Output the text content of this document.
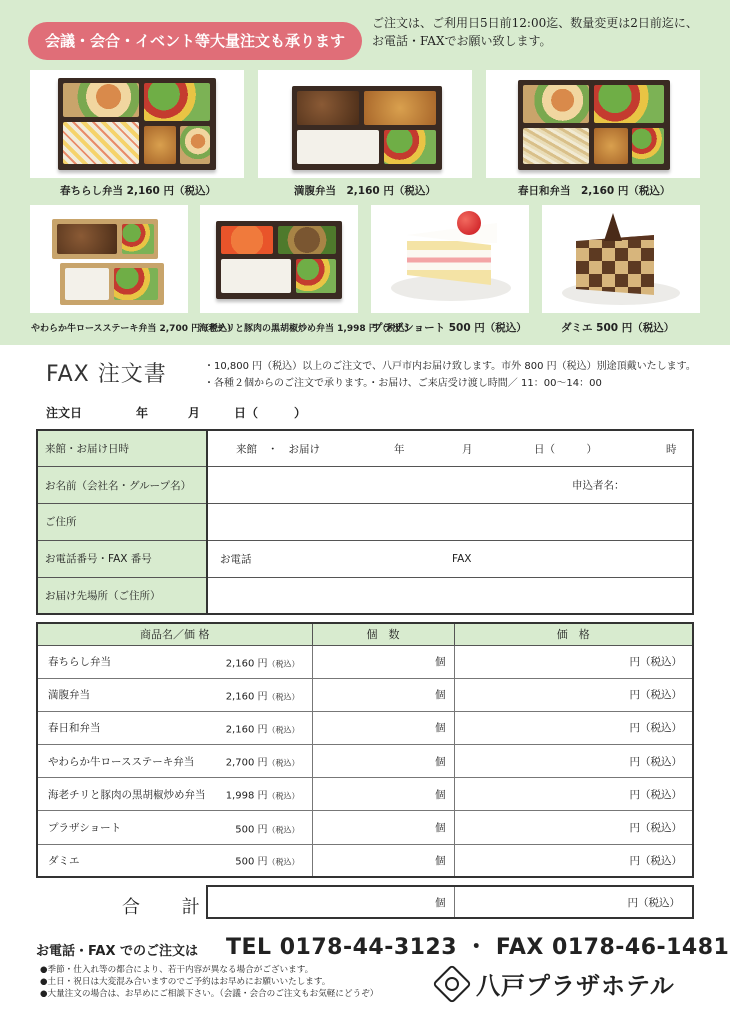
会議・会合・イベント等大量注文も承ります
ご注文は、ご利用日5日前12:00迄、数量変更は2日前迄に、
お電話・FAXでお願い致します。
春ちらし弁当 2,160 円（税込）	満腹弁当　2,160 円（税込）	春日和弁当　2,160 円（税込）
やわらか牛ロースステーキ弁当 2,700 円（税込）
海老チリと豚肉の黒胡椒炒め弁当 1,998 円（税込）
プラザショート 500 円（税込）	ダミエ 500 円（税込）
FAX 注文書	・10,800 円（税込）以上のご注文で、八戸市内お届け致します。市外 800 円（税込）別途頂戴いたします。
・各種２個からのご注文で承ります。・お届け、ご来店受け渡し時間／ 11：00〜14：00
注文日	年	月	日（　　　）
来館・お届け日時	来館　・　お届け 年 月 日（　　　） 時

お名前（会社名・グループ名）	申込者名：

ご住所	
お電話番号・FAX 番号	お電話 FAX

お届け先場所（ご住所）	
商品名／価 格	個　数	価　格
春ちらし弁当 2,160 円（税込）	個	円（税込）
満腹弁当 2,160 円（税込）	個	円（税込）
春日和弁当 2,160 円（税込）	個	円（税込）
やわらか牛ロースステーキ弁当 2,700 円（税込）	個	円（税込）
海老チリと豚肉の黒胡椒炒め弁当 1,998 円（税込）	個	円（税込）
プラザショート 500 円（税込）	個	円（税込）
ダミエ 500 円（税込）	個	円（税込）
合 計	個	円（税込）
お電話・FAX でのご注文は TEL 0178-44-3123 ・ FAX 0178-46-1481
●季節・仕入れ等の都合により、若干内容が異なる場合がございます。
●土日・祝日は大変混み合いますのでご予約はお早めにお願いいたします。
●大量注文の場合は、お早めにご相談下さい。（会議・会合のご注文もお気軽にどうぞ）	八戸プラザホテル
